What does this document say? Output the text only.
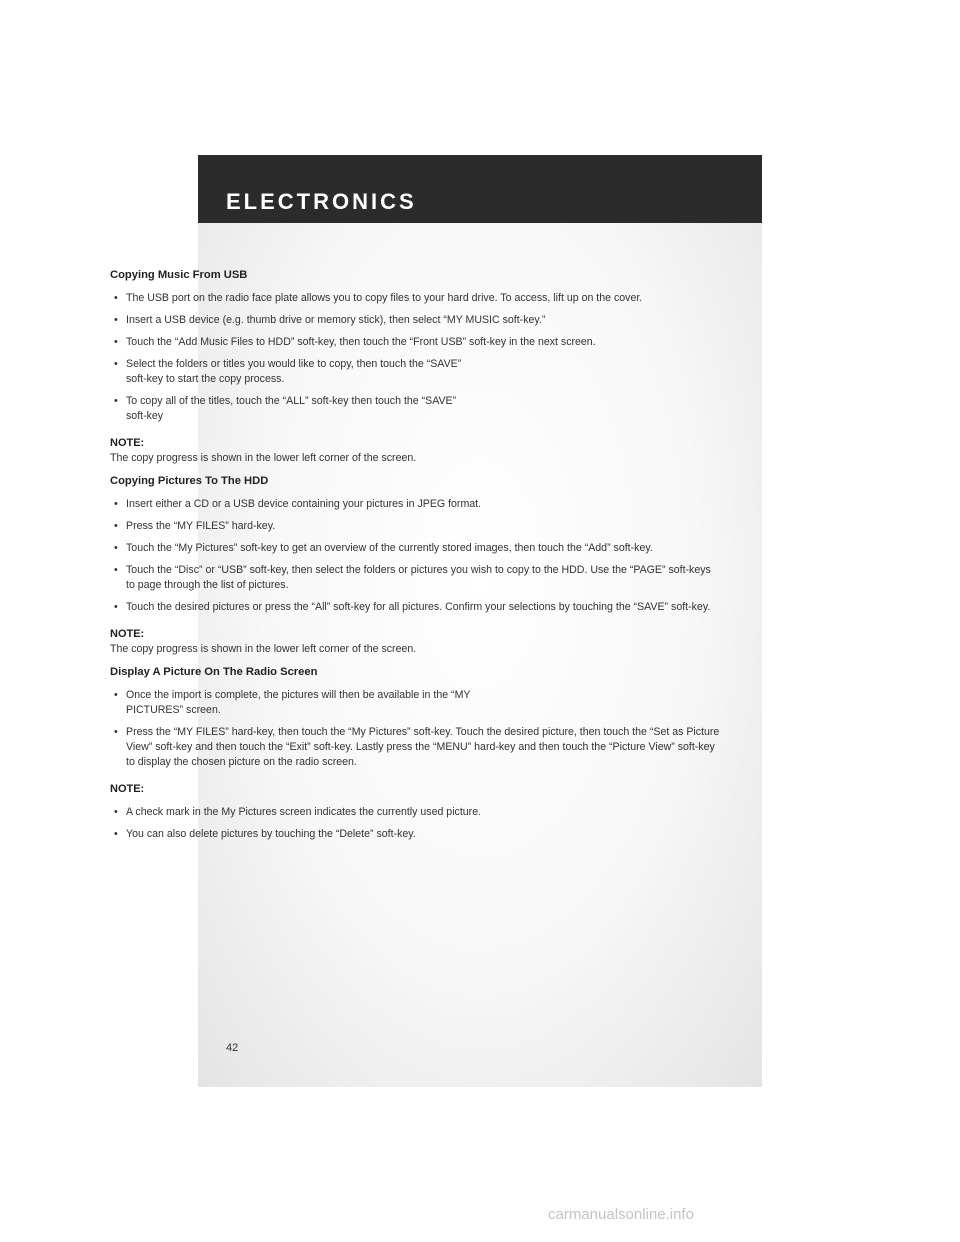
ELECTRONICS
42
Copying Music From USB
• The USB port on the radio face plate allows you to copy files to your hard drive. To access, lift up on the cover.
• Insert a USB device (e.g. thumb drive or memory stick), then select “MY MUSIC soft-key.”
• Touch the “Add Music Files to HDD” soft-key, then touch the “Front USB” soft-key in the next screen.
• Select the folders or titles you would like to copy, then touch the “SAVE” soft-key to start the copy process.
• To copy all of the titles, touch the “ALL” soft-key then touch the “SAVE” soft-key
NOTE:
The copy progress is shown in the lower left corner of the screen.
Copying Pictures To The HDD
• Insert either a CD or a USB device containing your pictures in JPEG format.
• Press the “MY FILES” hard-key.
• Touch the “My Pictures” soft-key to get an overview of the currently stored images, then touch the “Add” soft-key.
• Touch the “Disc” or “USB” soft-key, then select the folders or pictures you wish to copy to the HDD. Use the “PAGE” soft-keys to page through the list of pictures.
• Touch the desired pictures or press the “All” soft-key for all pictures. Confirm your selections by touching the “SAVE” soft-key.
NOTE:
The copy progress is shown in the lower left corner of the screen.
Display A Picture On The Radio Screen
• Once the import is complete, the pictures will then be available in the “MY PICTURES” screen.
• Press the “MY FILES” hard-key, then touch the “My Pictures” soft-key. Touch the desired picture, then touch the “Set as Picture View” soft-key and then touch the “Exit” soft-key. Lastly press the “MENU” hard-key and then touch the “Picture View” soft-key to display the chosen picture on the radio screen.
NOTE:
• A check mark in the My Pictures screen indicates the currently used picture.
• You can also delete pictures by touching the “Delete” soft-key.
carmanualsonline.info
